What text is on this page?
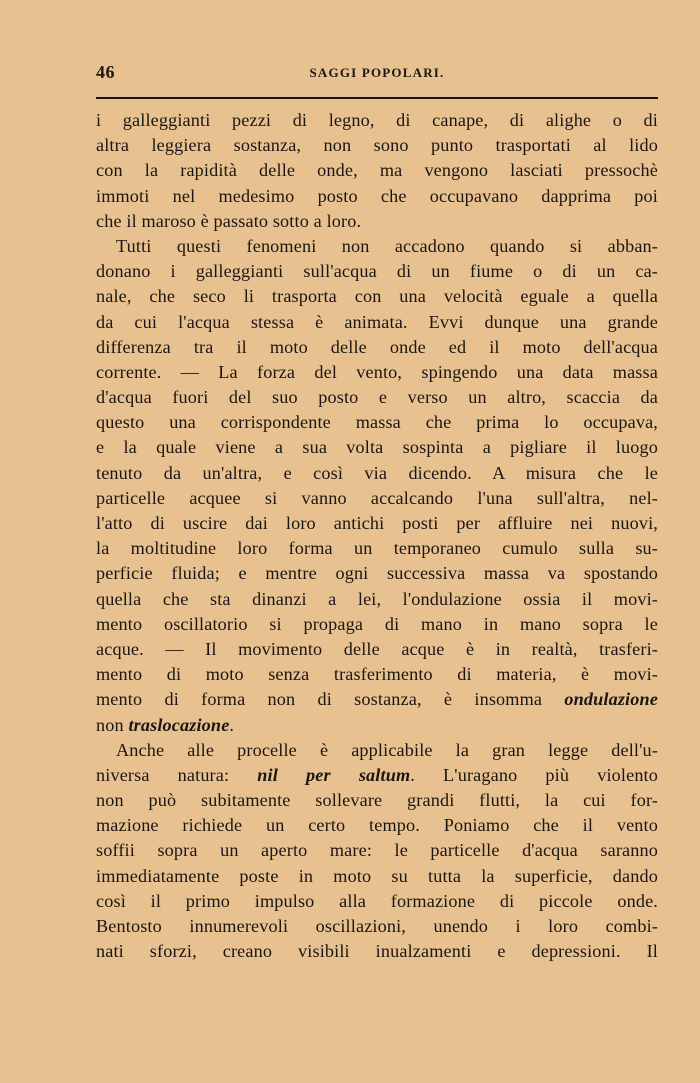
46	SAGGI POPOLARI.
i galleggianti pezzi di legno, di canape, di alighe o di
altra leggiera sostanza, non sono punto trasportati al lido
con la rapidità delle onde, ma vengono lasciati pressochè
immoti nel medesimo posto che occupavano dapprima poi
che il maroso è passato sotto a loro.
Tutti questi fenomeni non accadono quando si abban-
donano i galleggianti sull'acqua di un fiume o di un ca-
nale, che seco li trasporta con una velocità eguale a quella
da cui l'acqua stessa è animata. Evvi dunque una grande
differenza tra il moto delle onde ed il moto dell'acqua
corrente. — La forza del vento, spingendo una data massa
d'acqua fuori del suo posto e verso un altro, scaccia da
questo una corrispondente massa che prima lo occupava,
e la quale viene a sua volta sospinta a pigliare il luogo
tenuto da un'altra, e così via dicendo. A misura che le
particelle acquee si vanno accalcando l'una sull'altra, nel-
l'atto di uscire dai loro antichi posti per affluire nei nuovi,
la moltitudine loro forma un temporaneo cumulo sulla su-
perficie fluida; e mentre ogni successiva massa va spostando
quella che sta dinanzi a lei, l'ondulazione ossia il movi-
mento oscillatorio si propaga di mano in mano sopra le
acque. — Il movimento delle acque è in realtà, trasferi-
mento di moto senza trasferimento di materia, è movi-
mento di forma non di sostanza, è insomma ondulazione
non traslocazione.
Anche alle procelle è applicabile la gran legge dell'u-
niversa natura: nil per saltum. L'uragano più violento
non può subitamente sollevare grandi flutti, la cui for-
mazione richiede un certo tempo. Poniamo che il vento
soffii sopra un aperto mare: le particelle d'acqua saranno
immediatamente poste in moto su tutta la superficie, dando
così il primo impulso alla formazione di piccole onde.
Bentosto innumerevoli oscillazioni, unendo i loro combi-
nati sforzi, creano visibili inualzamenti e depressioni. Il
